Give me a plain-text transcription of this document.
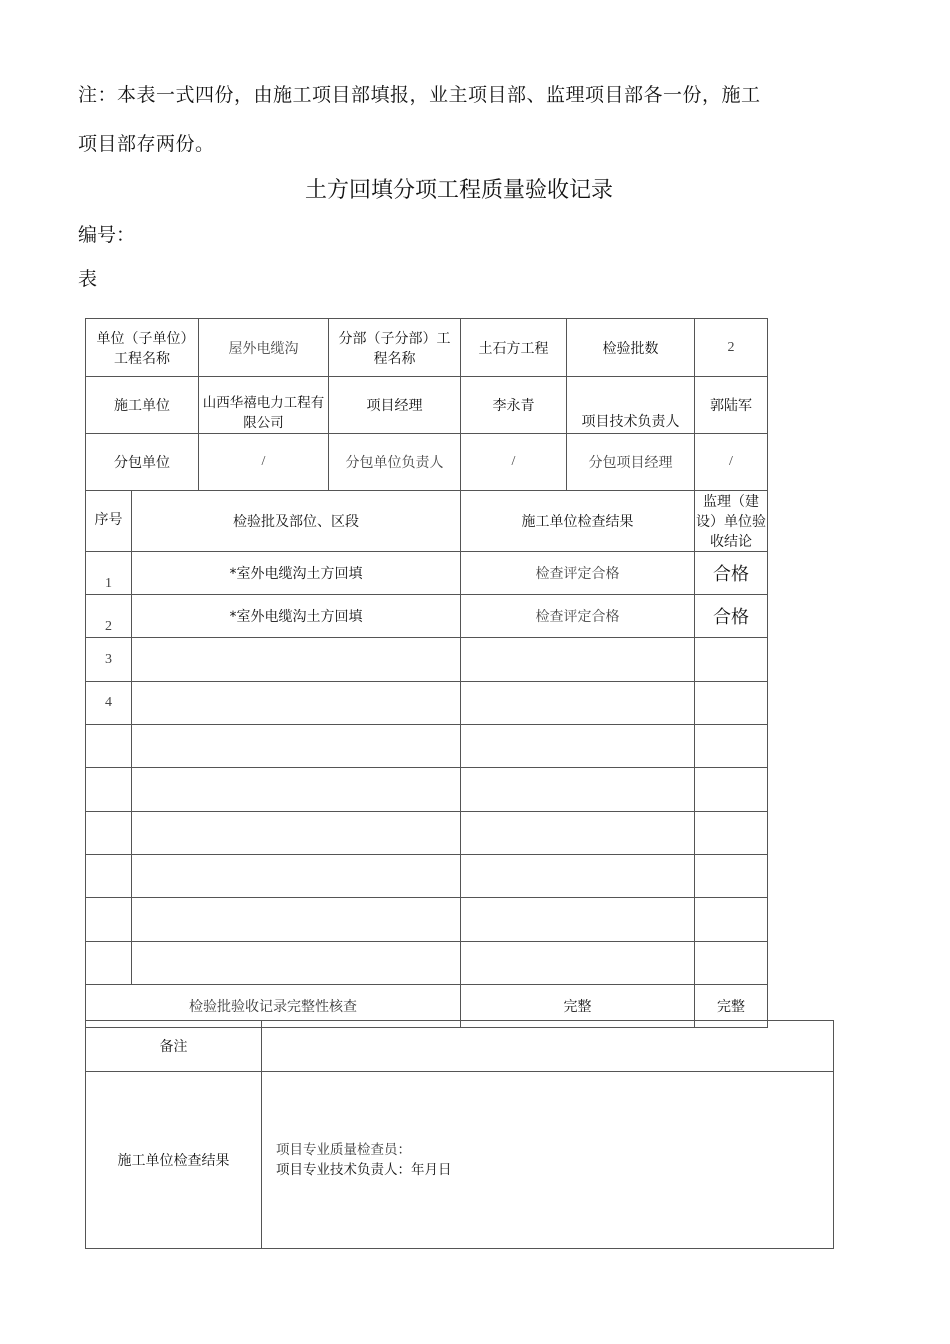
注：本表一式四份，由施工项目部填报，业主项目部、监理项目部各一份，施工
项目部存两份。
土方回填分项工程质量验收记录
编号：
表
单位（子单位）工程名称		屋外电缆沟	分部（子分部）工程名称	土石方工程	检验批数	2
施工单位		山西华禧电力工程有限公司	项目经理	李永青	项目技术负责人	郭陆军
分包单位		/	分包单位负责人	/	分包项目经理	/
序号	检验批及部位、区段			施工单位检查结果		监理（建设）单位验收结论
1	*室外电缆沟土方回填			检查评定合格		合格
2	*室外电缆沟土方回填			检查评定合格		合格
3						
4						

检验批验收记录完整性核查				完整		完整
备注	
施工单位检查结果	项目专业质量检查员：
项目专业技术负责人：年月日
